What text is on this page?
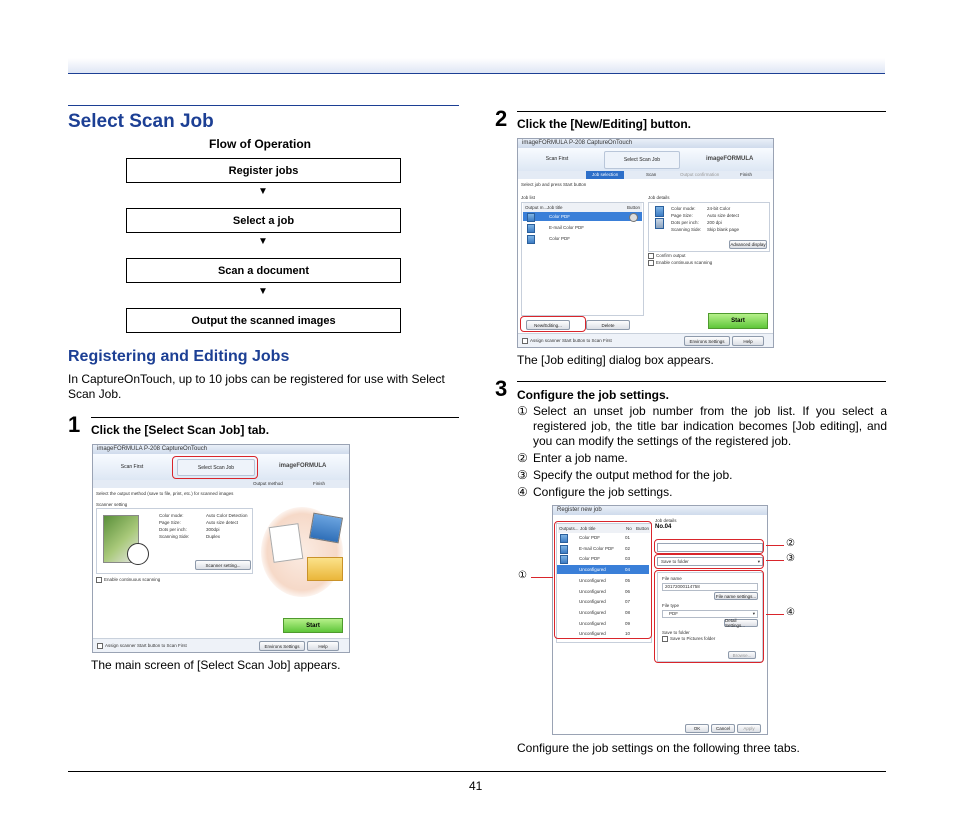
Select Scan Job
Flow of Operation
Register jobs
▼
Select a job
▼
Scan a document
▼
Output the scanned images
Registering and Editing Jobs
In CaptureOnTouch, up to 10 jobs can be registered for use with Select Scan Job.
1 Click the [Select Scan Job] tab.
imageFORMULA P-208 CaptureOnTouch
Scan First	Select Scan Job	imageFORMULA
Output method	Finish
Select the output method (save to file, print, etc.) for scanned images
Scanner setting
Color mode:	Auto Color Detection
Page Size:	Auto size detect
Dots per inch:	300dpi
Scanning Side:	Duplex
Scanner setting...
Enable continuous scanning
Start
Assign scanner Start button to Scan First	Environs Settings	Help
The main screen of [Select Scan Job] appears.
2 Click the [New/Editing] button.
imageFORMULA P-208 CaptureOnTouch
Scan First	Select Scan Job	imageFORMULA
Job selection	Scan	Output confirmation	Finish
Select job and press Start button
Job list	Job details
Output m... Job title	Button
Color PDF
E-mail Color PDF
Color PDF
Color mode:	24-bit Color
Page Size:	Auto size detect
Dots per inch: 200 dpi
Scanning Side: Skip blank page
Advanced display
Confirm output
Enable continuous scanning
New/Editing...	Delete
Start
Assign scanner Start button to Scan First	Environs Settings	Help
The [Job editing] dialog box appears.
3 Configure the job settings.
① Select an unset job number from the job list. If you select a registered job, the title bar indication becomes [Job editing], and you can modify the settings of the registered job.
② Enter a job name.
③ Specify the output method for the job.
④ Configure the job settings.
Register new job
Outputs... Job title	No Button
Color PDF	01
E-mail Color PDF 02
Color PDF	03
Unconfigured	04
Unconfigured	05
Unconfigured	06
Unconfigured	07
Unconfigured	08
Unconfigured	09
Unconfigured	10
Job details
No.04
Save to folder	▾
File name
20172000114758
File name settings...
File type
PDF	▾
Detail Settings...
Save to folder
Save to Pictures folder
Browse...
OK	Cancel	Apply
①
②
③
④
Configure the job settings on the following three tabs.
41
